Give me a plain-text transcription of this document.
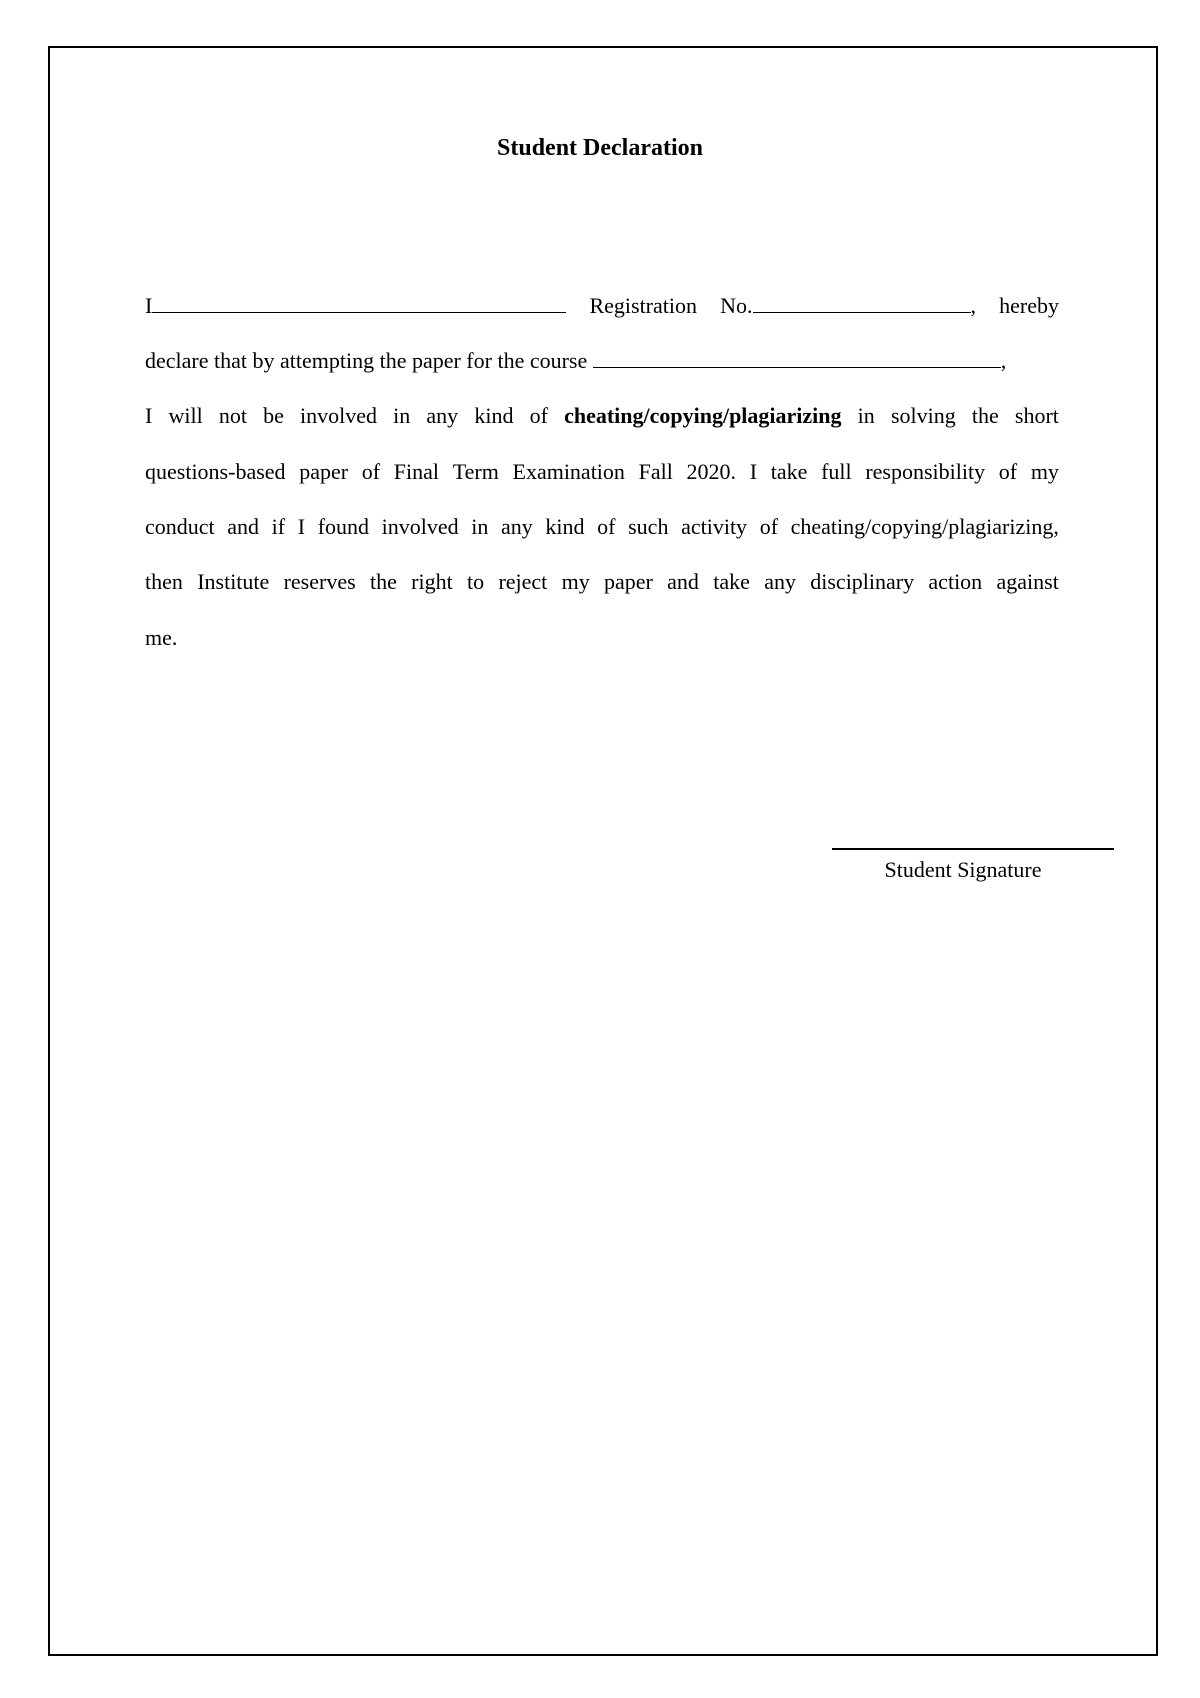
Student Declaration
I	Registration No.	, hereby
declare that by attempting the paper for the course	,
I will not be involved in any kind of cheating/copying/plagiarizing in solving the short
questions-based paper of Final Term Examination Fall 2020. I take full responsibility of my
conduct and if I found involved in any kind of such activity of cheating/copying/plagiarizing,
then Institute reserves the right to reject my paper and take any disciplinary action against
me.
Student Signature
